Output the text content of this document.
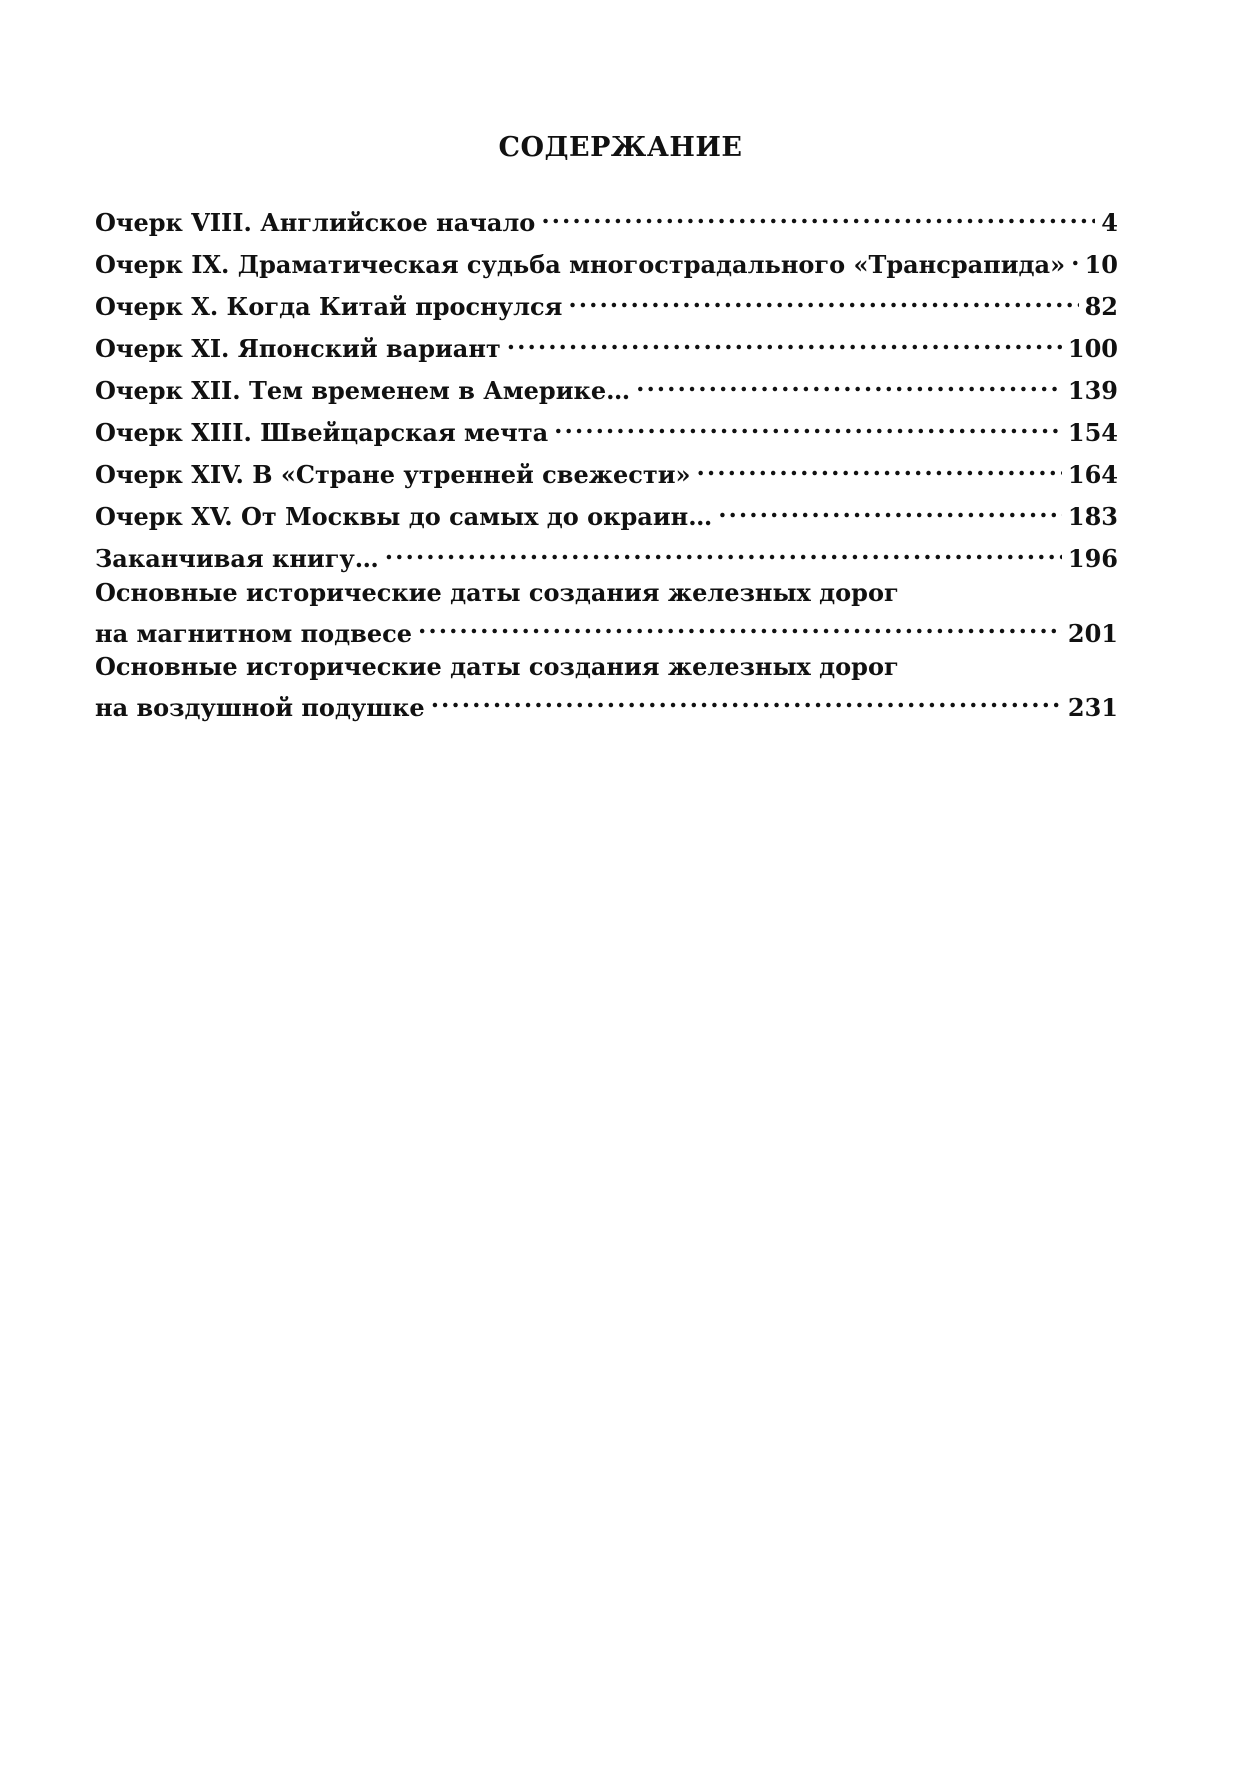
СОДЕРЖАНИЕ
Очерк VIII. Английское начало .....	4
Очерк IX. Драматическая судьба многострадального «Трансрапида» ..... 10
Очерк X. Когда Китай проснулся .....	82
Очерк XI. Японский вариант .....	100
Очерк XII. Тем временем в Америке… .....	139
Очерк XIII. Швейцарская мечта .....	154
Очерк XIV. В «Стране утренней свежести» .....	164
Очерк XV. От Москвы до самых до окраин… .....	183
Заканчивая книгу… .....	196
Основные исторические даты создания железных дорог
на магнитном подвесе .....	201
Основные исторические даты создания железных дорог
на воздушной подушке .....	231
